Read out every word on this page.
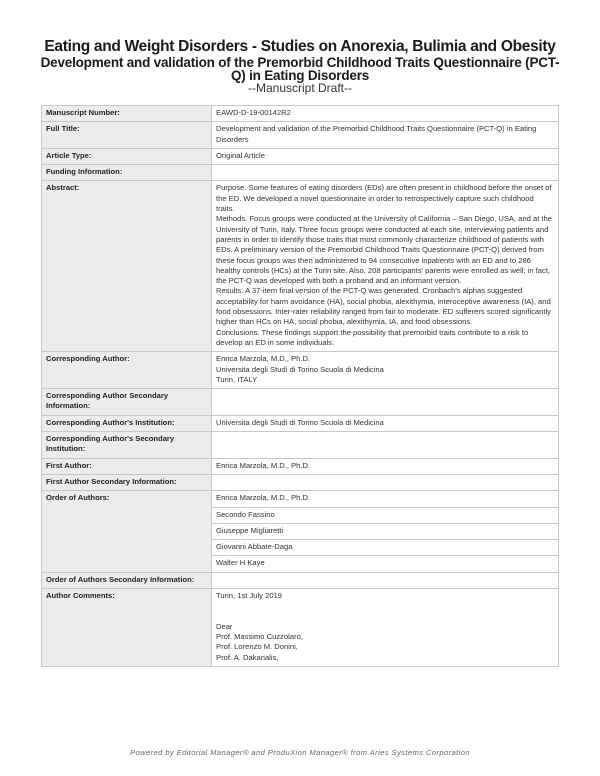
Eating and Weight Disorders - Studies on Anorexia, Bulimia and Obesity
Development and validation of the Premorbid Childhood Traits Questionnaire (PCT-Q) in Eating Disorders
--Manuscript Draft--
Manuscript Number:	EAWD-D-19-00142R2
Full Title:	Development and validation of the Premorbid Childhood Traits Questionnaire (PCT-Q) in Eating Disorders
Article Type:	Original Article
Funding Information:	
Abstract:	Purpose. Some features of eating disorders (EDs) are often present in childhood before the onset of the ED. We developed a novel questionnaire in order to retrospectively capture such childhood traits.

Methods. Focus groups were conducted at the University of California – San Diego, USA, and at the University of Turin, Italy. Three focus groups were conducted at each site, interviewing patients and parents in order to identify those traits that most commonly characterize childhood of patients with EDs. A preliminary version of the Premorbid Childhood Traits Questionnaire (PCT-Q) derived from these focus groups was then administered to 94 consecutive inpatients with an ED and to 286 healthy controls (HCs) at the Turin site. Also, 208 participants' parents were enrolled as well; in fact, the PCT-Q was developed with both a proband and an informant version.

Results. A 37-item final version of the PCT-Q was generated. Cronbach's alphas suggested acceptability for harm avoidance (HA), social phobia, alexithymia, interoceptive awareness (IA), and food obsessions. Inter-rater reliability ranged from fair to moderate. ED sufferers scored significantly higher than HCs on HA, social phobia, alexithymia, IA, and food obsessions.

Conclusions. These findings support the possibility that premorbid traits contribute to a risk to develop an ED in some individuals.

Corresponding Author:	Enrica Marzola, M.D., Ph.D.
Universita degli Studi di Torino Scuola di Medicina
Turin, ITALY
Corresponding Author Secondary Information:	
Corresponding Author's Institution:	Universita degli Studi di Torino Scuola di Medicina
Corresponding Author's Secondary Institution:	
First Author:	Enrica Marzola, M.D., Ph.D.
First Author Secondary Information:	
Order of Authors:	Enrica Marzola, M.D., Ph.D.
	Secondo Fassino
	Giuseppe Migliaretti
	Giovanni Abbate-Daga
	Walter H Kaye
Order of Authors Secondary Information:	
Author Comments:	Turin, 1st July 2019

Dear
Prof. Massimo Cuzzolaro,
Prof. Lorenzo M. Donini,
Prof. A. Dakanalis,
Powered by Editorial Manager® and ProduXion Manager® from Aries Systems Corporation
